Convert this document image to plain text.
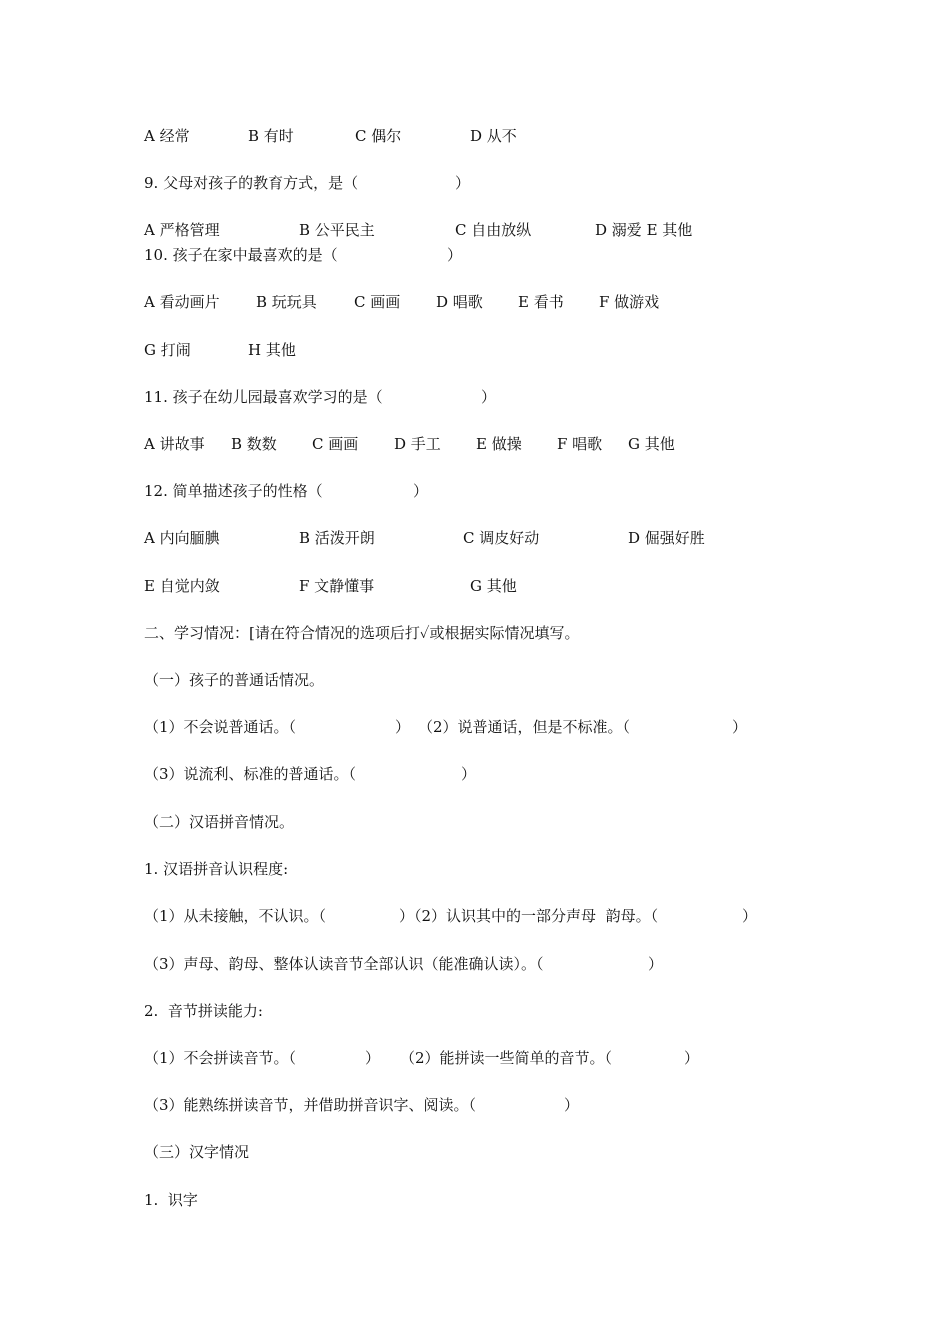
A 经常

	B 有时

	C 偶尔

	D 从不

9. 父母对孩子的教育方式，是（

	）

A 严格管理

	B 公平民主

	C 自由放纵

	D 溺爱 E 其他

10. 孩子在家中最喜欢的是（

	）

A 看动画片

B 玩玩具

C 画画

D 唱歌

E 看书

F 做游戏

G 打闹

	H 其他

11. 孩子在幼儿园最喜欢学习的是（

	）

A 讲故事

B 数数

C 画画

D 手工

E 做操

F 唱歌

G 其他

12. 简单描述孩子的性格（

	）

A 内向腼腆

	B 活泼开朗

	C 调皮好动

	D 倔强好胜

E 自觉内敛

	F 文静懂事

	G 其他

二、学习情况：[请在符合情况的选项后打✓或根据实际情况填写。

（一）孩子的普通话情况。

（1）不会说普通话。（

	）

（2）说普通话，但是不标准。（

	）

（3）说流利、标准的普通话。（

	）

（二）汉语拼音情况。

1. 汉语拼音认识程度:

（1）从未接触，不认识。（

	）（2）认识其中的一部分声母  韵母。（

	）

（3）声母、韵母、整体认读音节全部认识（能准确认读）。（

	）

2.  音节拼读能力:

（1）不会拼读音节。（

	）

（2）能拼读一些简单的音节。（

	）

（3）能熟练拼读音节，并借助拼音识字、阅读。（

	）

（三）汉字情况

1.  识字
